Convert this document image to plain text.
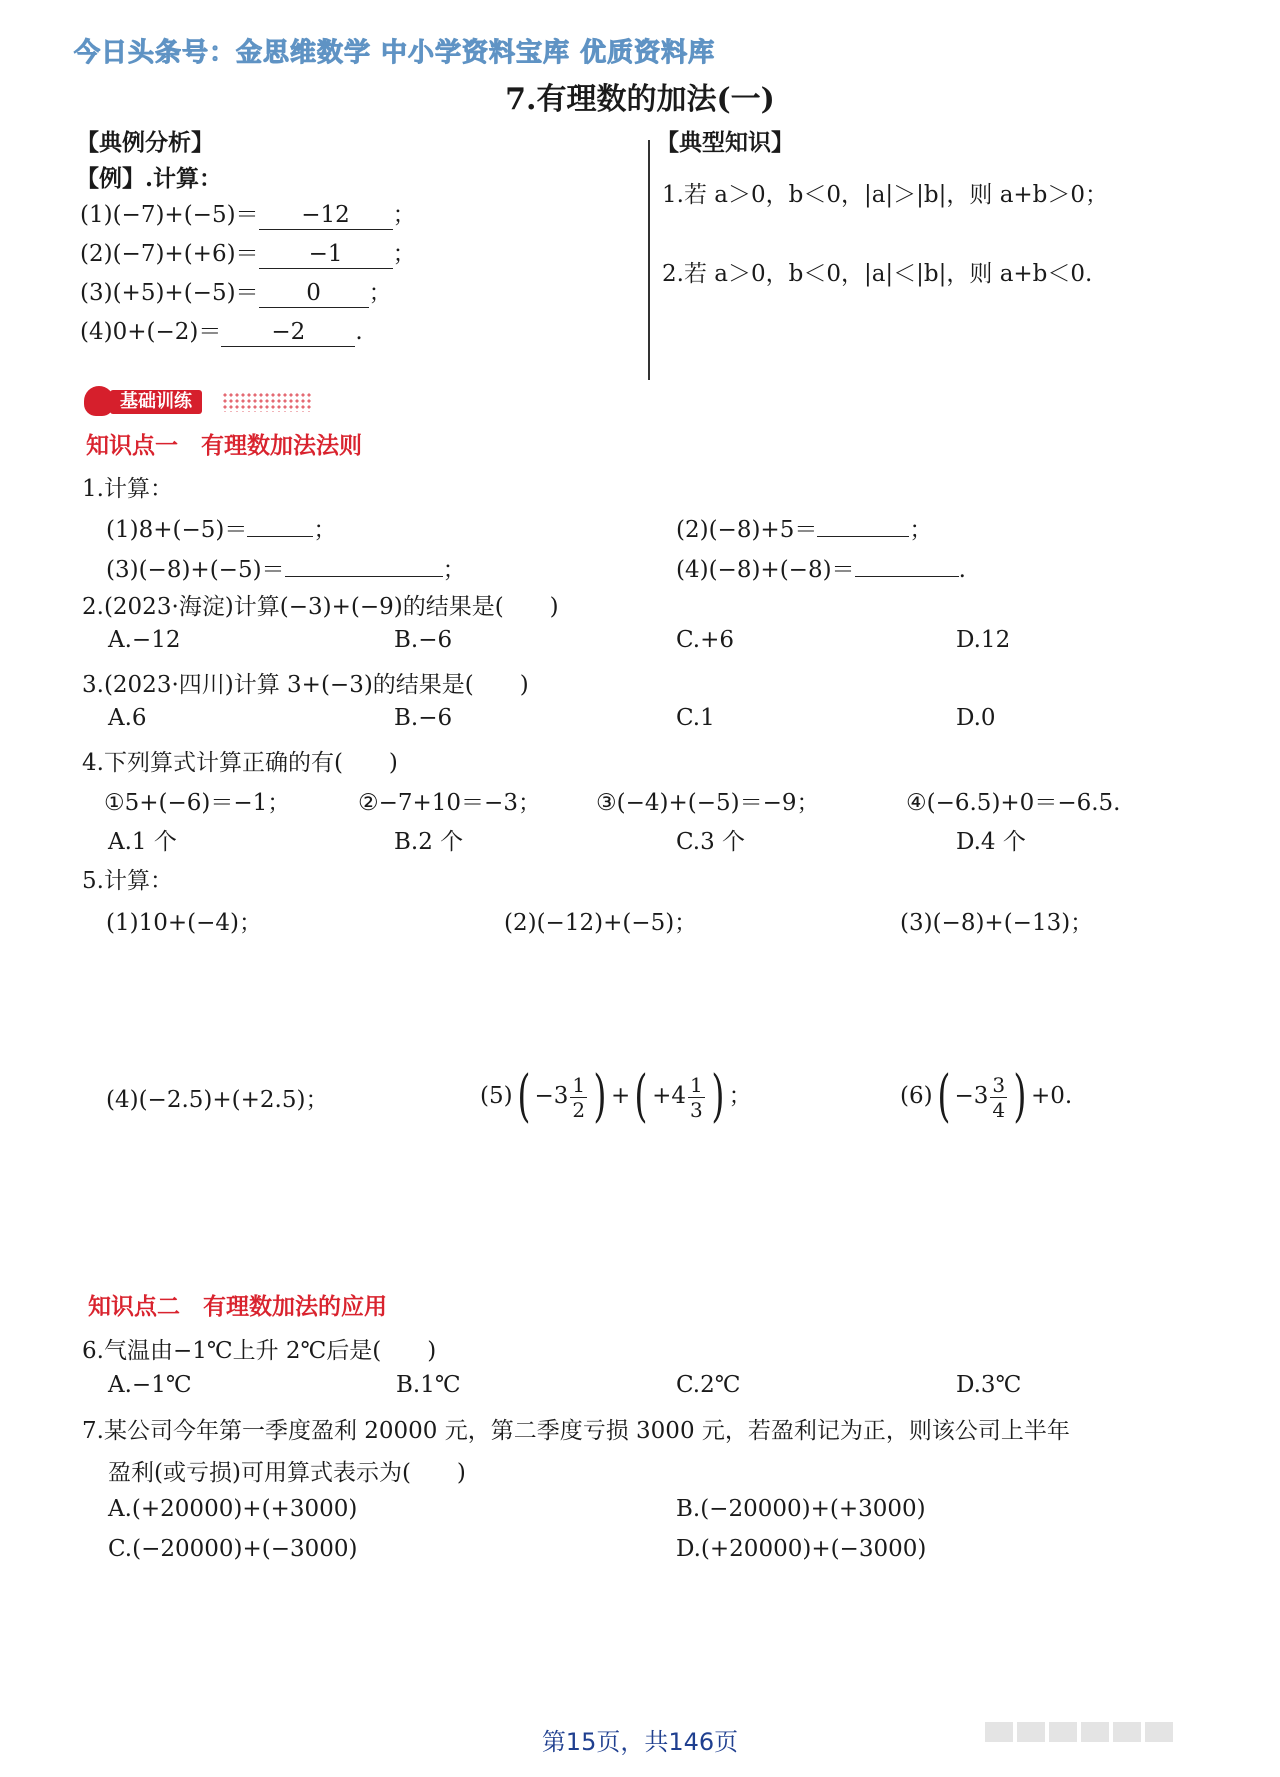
今日头条号：金思维数学 中小学资料宝库 优质资料库
7.有理数的加法(一)
【典例分析】
【例】.计算：
(1)(−7)+(−5)＝ −12 ；
(2)(−7)+(+6)＝ −1 ；
(3)(+5)+(−5)＝ 0 ；
(4)0+(−2)＝ −2 .
【典型知识】
1.若 a＞0，b＜0，|a|＞|b|，则 a+b＞0；
2.若 a＞0，b＜0，|a|＜|b|，则 a+b＜0.
基础训练
知识点一　有理数加法法则
1.计算：
(1)8+(−5)＝	；	(2)(−8)+5＝	；
(3)(−8)+(−5)＝	；	(4)(−8)+(−8)＝	.
2.(2023·海淀)计算(−3)+(−9)的结果是(　　)
A.−12	B.−6	C.+6	D.12
3.(2023·四川)计算 3+(−3)的结果是(　　)
A.6	B.−6	C.1	D.0
4.下列算式计算正确的有(　　)
①5+(−6)＝−1；	②−7+10＝−3； ③(−4)+(−5)＝−9；	④(−6.5)+0＝−6.5.
A.1 个	B.2 个	C.3 个	D.4 个
5.计算：
(1)10+(−4)；	(2)(−12)+(−5)；	(3)(−8)+(−13)；
(4)(−2.5)+(+2.5)；	$(5)( -3 \frac{1}{2}$ ) +( $+4 \frac{1}{3}$ ) ；	$(6)( -3 \frac{3}{4}$ ) +0.
知识点二　有理数加法的应用
6.气温由−1℃上升 2℃后是(　　)
A.−1℃	B.1℃	C.2℃	D.3℃
7.某公司今年第一季度盈利 20000 元，第二季度亏损 3000 元，若盈利记为正，则该公司上半年
盈利(或亏损)可用算式表示为(　　)
A.(+20000)+(+3000)	B.(−20000)+(+3000)
C.(−20000)+(−3000)	D.(+20000)+(−3000)
第15页，共146页
